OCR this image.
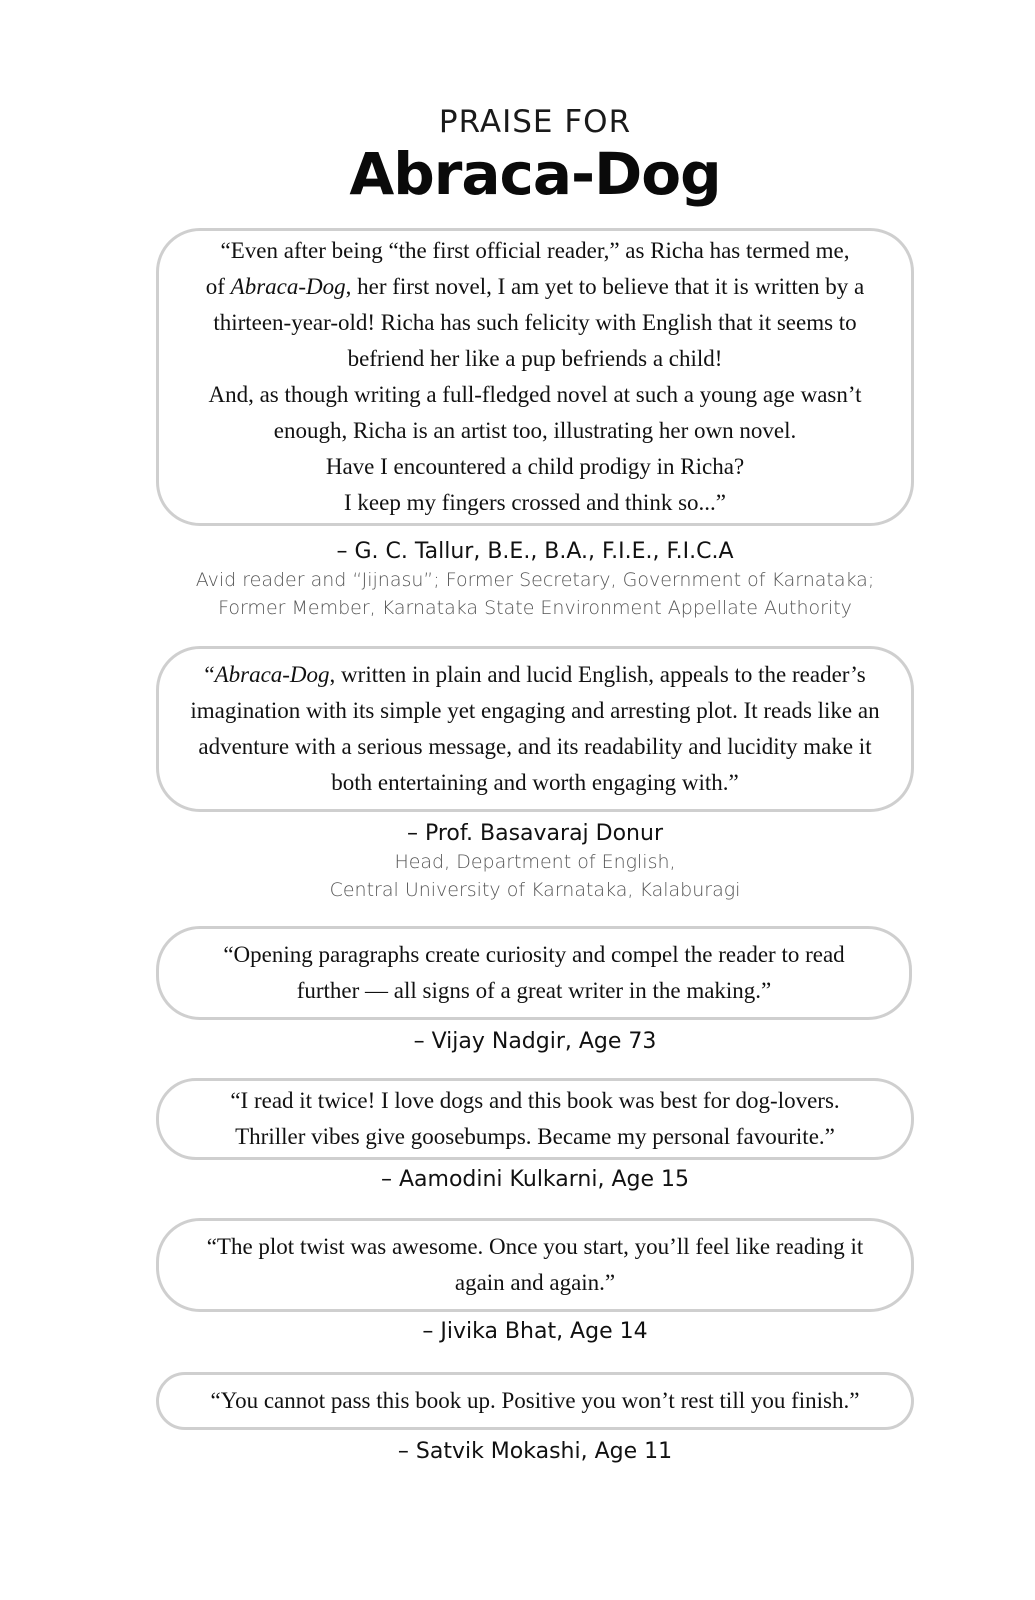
PRAISE FOR
Abraca-Dog
“Even after being “the first official reader,” as Richa has termed me,
of Abraca-Dog, her first novel, I am yet to believe that it is written by a
thirteen-year-old! Richa has such felicity with English that it seems to
befriend her like a pup befriends a child!
And, as though writing a full-fledged novel at such a young age wasn’t
enough, Richa is an artist too, illustrating her own novel.
Have I encountered a child prodigy in Richa?
I keep my fingers crossed and think so...”
– G. C. Tallur, B.E., B.A., F.I.E., F.I.C.A
Avid reader and “Jijnasu”; Former Secretary, Government of Karnataka;
Former Member, Karnataka State Environment Appellate Authority
“Abraca-Dog, written in plain and lucid English, appeals to the reader’s
imagination with its simple yet engaging and arresting plot. It reads like an
adventure with a serious message, and its readability and lucidity make it
both entertaining and worth engaging with.”
– Prof. Basavaraj Donur
Head, Department of English,
Central University of Karnataka, Kalaburagi
“Opening paragraphs create curiosity and compel the reader to read
further — all signs of a great writer in the making.”
– Vijay Nadgir, Age 73
“I read it twice! I love dogs and this book was best for dog-lovers.
Thriller vibes give goosebumps. Became my personal favourite.”
– Aamodini Kulkarni, Age 15
“The plot twist was awesome. Once you start, you’ll feel like reading it
again and again.”
– Jivika Bhat, Age 14
“You cannot pass this book up. Positive you won’t rest till you finish.”
– Satvik Mokashi, Age 11
